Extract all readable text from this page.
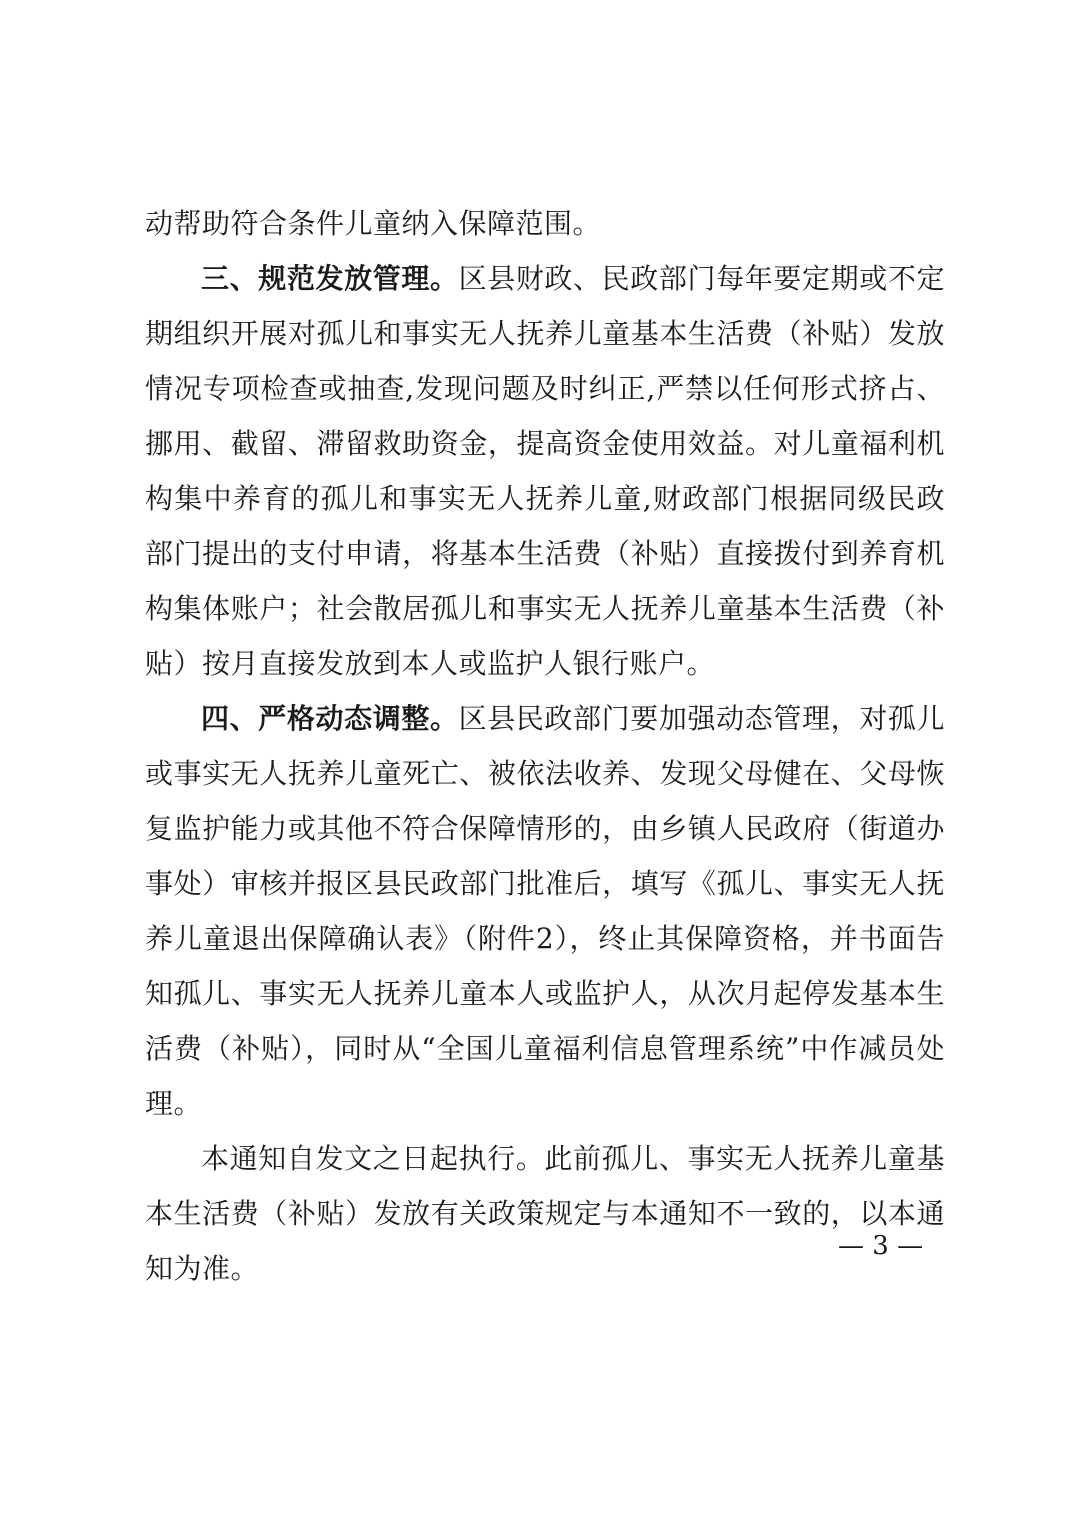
动帮助符合条件儿童纳入保障范围。
三、规范发放管理。区县财政、民政部门每年要定期或不定
期组织开展对孤儿和事实无人抚养儿童基本生活费（补贴）发放
情况专项检查或抽查,发现问题及时纠正,严禁以任何形式挤占、
挪用、截留、滞留救助资金，提高资金使用效益。对儿童福利机
构集中养育的孤儿和事实无人抚养儿童,财政部门根据同级民政
部门提出的支付申请，将基本生活费（补贴）直接拨付到养育机
构集体账户；社会散居孤儿和事实无人抚养儿童基本生活费（补
贴）按月直接发放到本人或监护人银行账户。
四、严格动态调整。区县民政部门要加强动态管理，对孤儿
或事实无人抚养儿童死亡、被依法收养、发现父母健在、父母恢
复监护能力或其他不符合保障情形的，由乡镇人民政府（街道办
事处）审核并报区县民政部门批准后，填写《孤儿、事实无人抚
养儿童退出保障确认表》（附件2），终止其保障资格，并书面告
知孤儿、事实无人抚养儿童本人或监护人，从次月起停发基本生
活费（补贴），同时从“全国儿童福利信息管理系统”中作减员处
理。
本通知自发文之日起执行。此前孤儿、事实无人抚养儿童基
本生活费（补贴）发放有关政策规定与本通知不一致的，以本通
知为准。
— 3 —
